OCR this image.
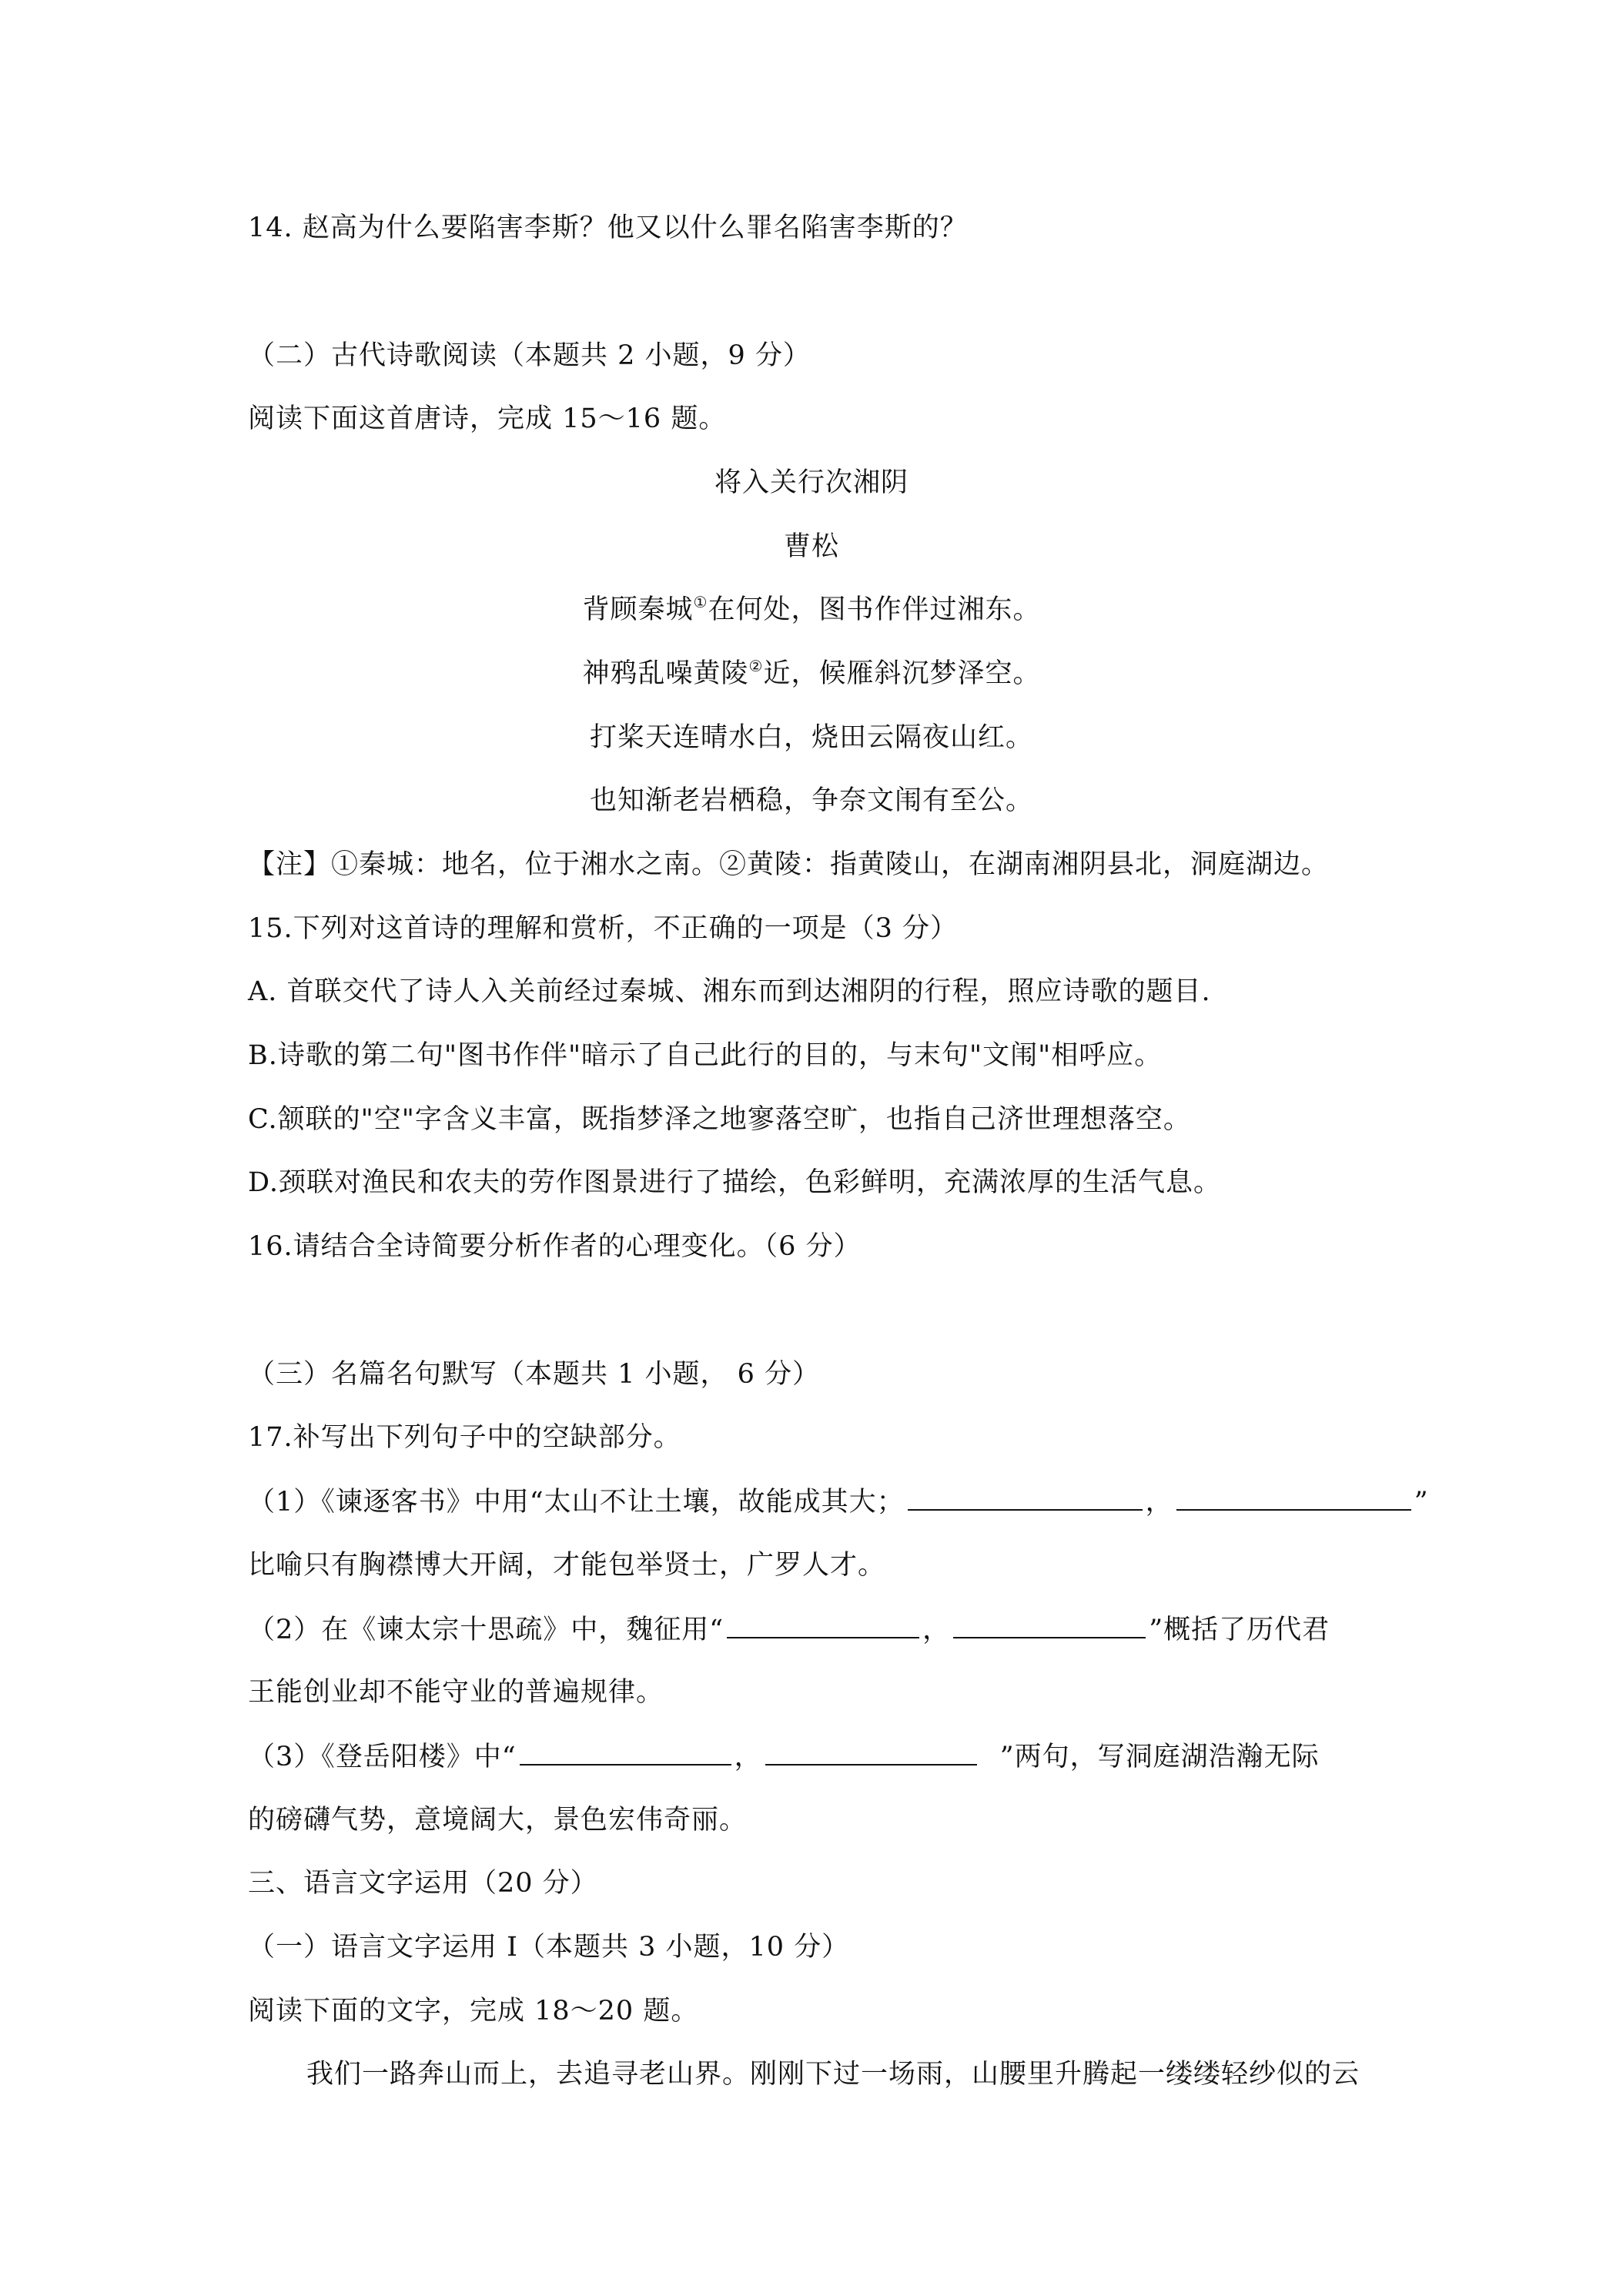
14. 赵高为什么要陷害李斯？他又以什么罪名陷害李斯的？
（二）古代诗歌阅读（本题共 2 小题，9 分）
阅读下面这首唐诗，完成 15～16 题。
将入关行次湘阴
曹松
背顾秦城①在何处，图书作伴过湘东。
神鸦乱噪黄陵②近，候雁斜沉梦泽空。
打桨天连晴水白，烧田云隔夜山红。
也知渐老岩栖稳，争奈文闱有至公。
【注】①秦城：地名，位于湘水之南。②黄陵：指黄陵山，在湖南湘阴县北，洞庭湖边。
15.下列对这首诗的理解和赏析，不正确的一项是（3 分）
A. 首联交代了诗人入关前经过秦城、湘东而到达湘阴的行程，照应诗歌的题目.
B.诗歌的第二句"图书作伴"暗示了自己此行的目的，与末句"文闱"相呼应。
C.颔联的"空"字含义丰富，既指梦泽之地寥落空旷，也指自己济世理想落空。
D.颈联对渔民和农夫的劳作图景进行了描绘，色彩鲜明，充满浓厚的生活气息。
16.请结合全诗简要分析作者的心理变化。（6 分）
（三）名篇名句默写（本题共 1 小题， 6 分）
17.补写出下列句子中的空缺部分。
（1）《谏逐客书》中用“太山不让土壤，故能成其大；	，	”
比喻只有胸襟博大开阔，才能包举贤士，广罗人才。
（2）在《谏太宗十思疏》中，魏征用“	，	”概括了历代君
王能创业却不能守业的普遍规律。
（3）《登岳阳楼》中“	，	”两句，写洞庭湖浩瀚无际
的磅礴气势，意境阔大，景色宏伟奇丽。
三、语言文字运用（20 分）
（一）语言文字运用 I（本题共 3 小题，10 分）
阅读下面的文字，完成 18～20 题。
我们一路奔山而上，去追寻老山界。刚刚下过一场雨，山腰里升腾起一缕缕轻纱似的云
